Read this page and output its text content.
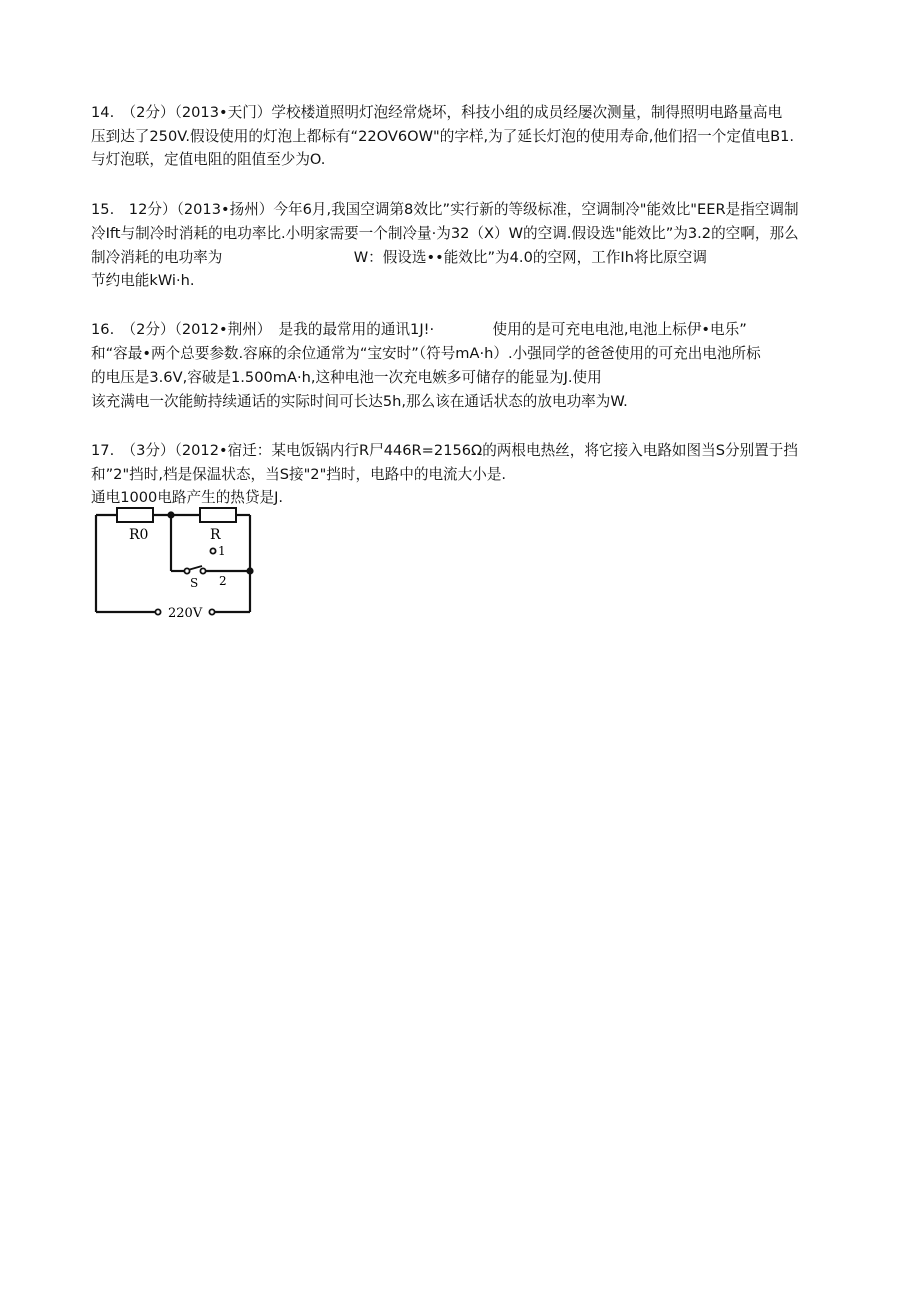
14.　（2分）（2013•天门）学校楼道照明灯泡经常烧坏，科技小组的成员经屡次测量，制得照明电路量高电
压到达了250V.假设使用的灯泡上都标有“22OV6OW"的字样,为了延长灯泡的使用寿命,他们招一个定值电B1.
与灯泡联，定值电阻的阻值至少为O.
15.　12分）（2013•扬州）今年6月,我国空调第8效比”实行新的等级标准，空调制冷"能效比"EER是指空调制
冷Ift与制冷时消耗的电功率比.小明家需要一个制冷量·为32（X）W的空调.假设选"能效比”为3.2的空啊，那么
制冷消耗的电功率为　　　　　　　　　W：假设选••能效比”为4.0的空网，工作Ih将比原空调
节约电能kWi·h.
16.　（2分）（2012•荆州）　是我的最常用的通讯1J!·　　　　使用的是可充电电池,电池上标伊•电乐”
和“容最•两个总要参数.容麻的余位通常为“宝安时”（符号mA·h）.小强同学的爸爸使用的可充出电池所标
的电压是3.6V,容破是1.500mA·h,这种电池一次充电嫉多可储存的能显为J.使用
该充满电一次能鲂持续通话的实际时间可长达5h,那么该在通话状态的放电功率为W.
17.　（3分）（2012•宿迁：某电饭锅内行R尸446R=2156Ω的两根电热丝，将它接入电路如图当S分别置于挡
和”2"挡时,档是保温状态，当S接"2"挡时，电路中的电流大小是.
通电1000电路产生的热贷是J.
R0	R
1
S 2
220V
